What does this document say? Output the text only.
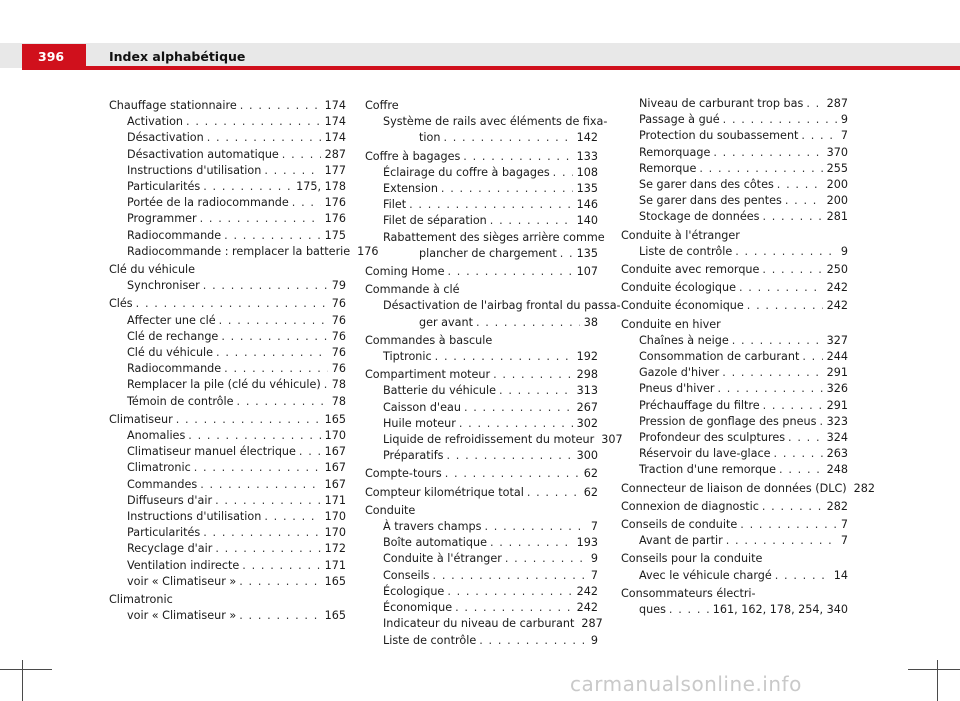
396	Index alphabétique
Chauffage stationnaire . . .	174
Activation . . .	174
Désactivation . . .	174
Désactivation automatique . . .	287
Instructions d'utilisation . . .	177
Particularités . . .	175, 178
Portée de la radiocommande . . .	176
Programmer . . .	176
Radiocommande . . .	175
Radiocommande : remplacer la batterie 176
Clé du véhicule
Synchroniser . . .	79
Clés . . .	76
Affecter une clé . . .	76
Clé de rechange . . .	76
Clé du véhicule . . .	76
Radiocommande . . .	76
Remplacer la pile (clé du véhicule) . . . 78
Témoin de contrôle . . .	78
Climatiseur . . .	165
Anomalies . . .	170
Climatiseur manuel électrique . . .	167
Climatronic . . .	167
Commandes . . .	167
Diffuseurs d'air . . .	171
Instructions d'utilisation . . .	170
Particularités . . .	170
Recyclage d'air . . .	172
Ventilation indirecte . . .	171
voir « Climatiseur » . . .	165
Climatronic
voir « Climatiseur » . . .	165
Coffre
Système de rails avec éléments de fixa-
tion . . .	142
Coffre à bagages . . .	133
Éclairage du coffre à bagages . . . 108
Extension . . .	135
Filet . . .	146
Filet de séparation . . .	140
Rabattement des sièges arrière comme
plancher de chargement . . . 135
Coming Home . . .	107
Commande à clé
Désactivation de l'airbag frontal du passa-
ger avant . . .	38
Commandes à bascule
Tiptronic . . .	192
Compartiment moteur . . .	298
Batterie du véhicule . . .	313
Caisson d'eau . . .	267
Huile moteur . . .	302
Liquide de refroidissement du moteur 307
Préparatifs . . .	300
Compte-tours . . .	62
Compteur kilométrique total . . .	62
Conduite
À travers champs . . .	7
Boîte automatique . . .	193
Conduite à l'étranger . . .	9
Conseils . . .	7
Écologique . . .	242
Économique . . .	242
Indicateur du niveau de carburant 287
Liste de contrôle . . .	9
Niveau de carburant trop bas . . . 287
Passage à gué . . .	9
Protection du soubassement . . .	7
Remorquage . . .	370
Remorque . . .	255
Se garer dans des côtes . . .	200
Se garer dans des pentes . . .	200
Stockage de données . . .	281
Conduite à l'étranger
Liste de contrôle . . .	9
Conduite avec remorque . . .	250
Conduite écologique . . .	242
Conduite économique . . .	242
Conduite en hiver
Chaînes à neige . . .	327
Consommation de carburant . . . 244
Gazole d'hiver . . .	291
Pneus d'hiver . . .	326
Préchauffage du filtre . . .	291
Pression de gonflage des pneus . . . 323
Profondeur des sculptures . . .	324
Réservoir du lave-glace . . .	263
Traction d'une remorque . . .	248
Connecteur de liaison de données (DLC) 282
Connexion de diagnostic . . .	282
Conseils de conduite . . .	7
Avant de partir . . .	7
Conseils pour la conduite
Avec le véhicule chargé . . .	14
Consommateurs électri-
ques . . .	161, 162, 178, 254, 340
carmanualsonline.info
